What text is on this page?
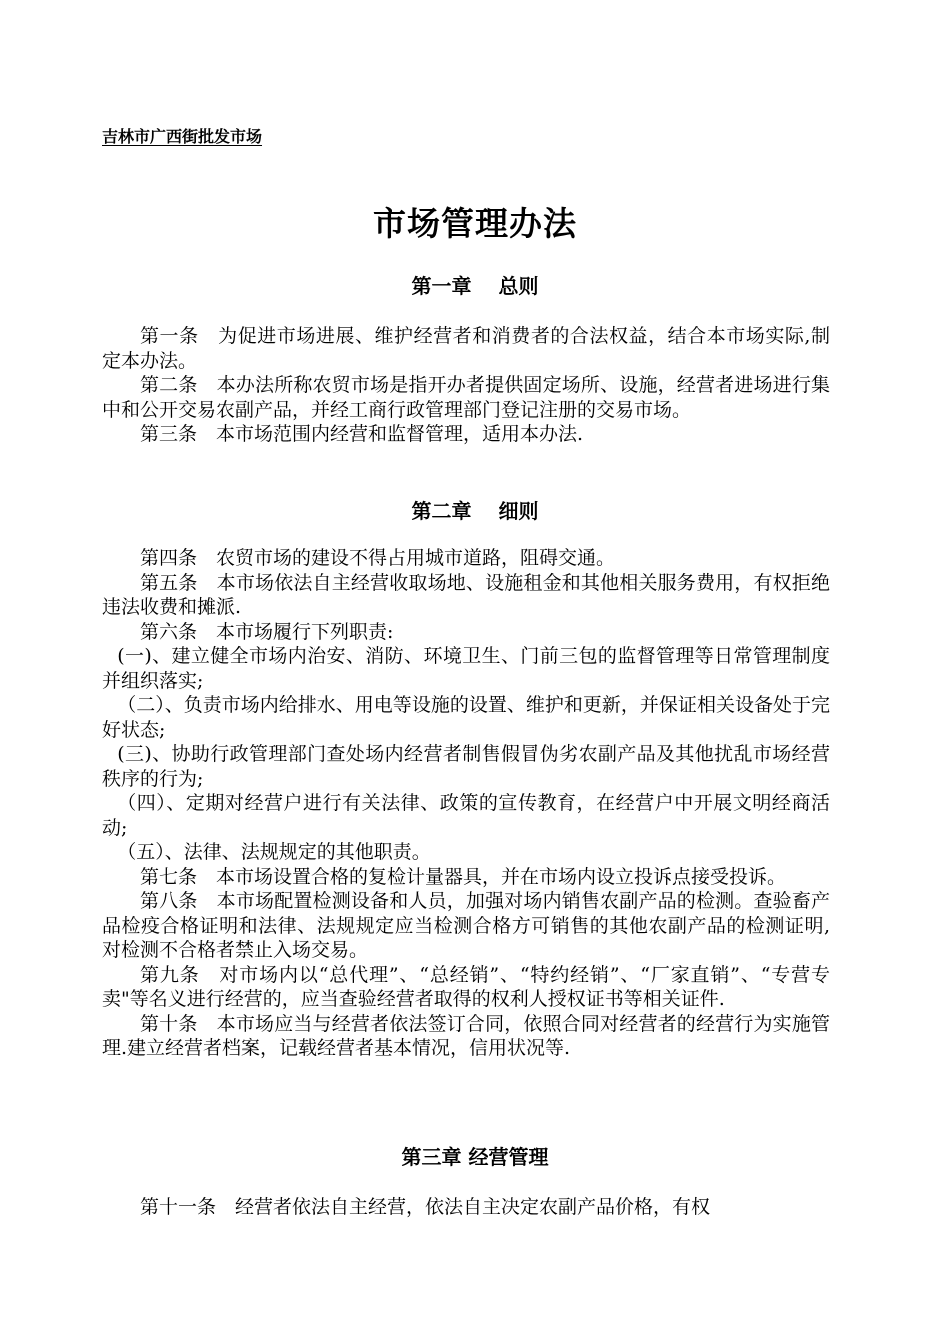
吉林市广西街批发市场
市场管理办法
第一章　 总则

第一条　为促进市场进展、维护经营者和消费者的合法权益，结合本市场实际,制定本办法。

第二条　本办法所称农贸市场是指开办者提供固定场所、设施，经营者进场进行集中和公开交易农副产品，并经工商行政管理部门登记注册的交易市场。

第三条　本市场范围内经营和监督管理，适用本办法.

第二章　 细则

第四条　农贸市场的建设不得占用城市道路，阻碍交通。

第五条　本市场依法自主经营收取场地、设施租金和其他相关服务费用，有权拒绝违法收费和摊派.

第六条　本市场履行下列职责:

(一)、建立健全市场内治安、消防、环境卫生、门前三包的监督管理等日常管理制度并组织落实;

（二）、负责市场内给排水、用电等设施的设置、维护和更新，并保证相关设备处于完好状态;

(三)、协助行政管理部门查处场内经营者制售假冒伪劣农副产品及其他扰乱市场经营秩序的行为;

（四）、定期对经营户进行有关法律、政策的宣传教育，在经营户中开展文明经商活动;

（五）、法律、法规规定的其他职责。

第七条　本市场设置合格的复检计量器具，并在市场内设立投诉点接受投诉。

第八条　本市场配置检测设备和人员，加强对场内销售农副产品的检测。查验畜产品检疫合格证明和法律、法规规定应当检测合格方可销售的其他农副产品的检测证明,对检测不合格者禁止入场交易。

第九条　对市场内以“总代理”、“总经销”、“特约经销”、“厂家直销”、“专营专卖"等名义进行经营的，应当查验经营者取得的权利人授权证书等相关证件.

第十条　本市场应当与经营者依法签订合同，依照合同对经营者的经营行为实施管理.建立经营者档案，记载经营者基本情况，信用状况等.

第三章 经营管理

第十一条　经营者依法自主经营，依法自主决定农副产品价格，有权
